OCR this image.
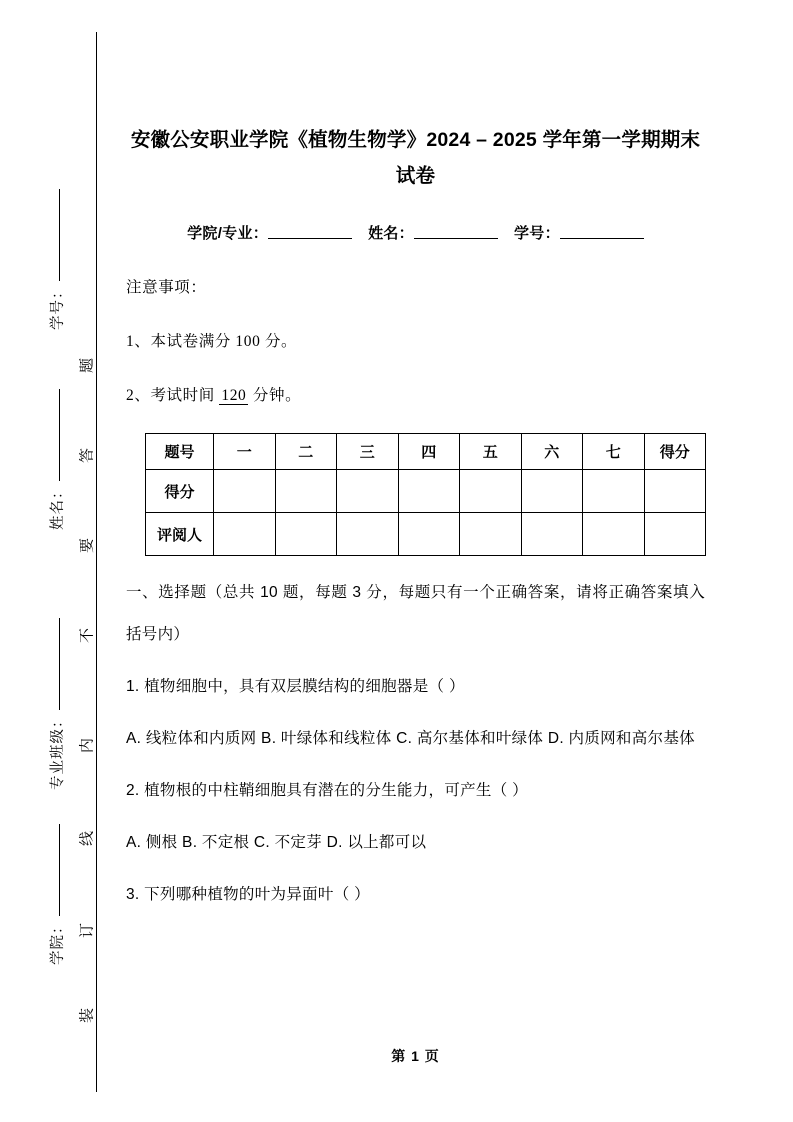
学号：
姓名：
专业班级：
学院：
题
答
要
不
内
线
订
装
安徽公安职业学院《植物生物学》2024 – 2025 学年第一学期期末试卷
学院/专业：	姓名：	学号：
注意事项：
1、本试卷满分 100 分。
2、考试时间 120 分钟。
题号	一	二	三	四	五	六	七	得分
得分								
评阅人								
一、选择题（总共 10 题，每题 3 分，每题只有一个正确答案，请将正确答案填入括号内）
1. 植物细胞中，具有双层膜结构的细胞器是（ ）
A. 线粒体和内质网 B. 叶绿体和线粒体 C. 高尔基体和叶绿体 D. 内质网和高尔基体
2. 植物根的中柱鞘细胞具有潜在的分生能力，可产生（ ）
A. 侧根 B. 不定根 C. 不定芽 D. 以上都可以
3. 下列哪种植物的叶为异面叶（ ）
第 1 页
